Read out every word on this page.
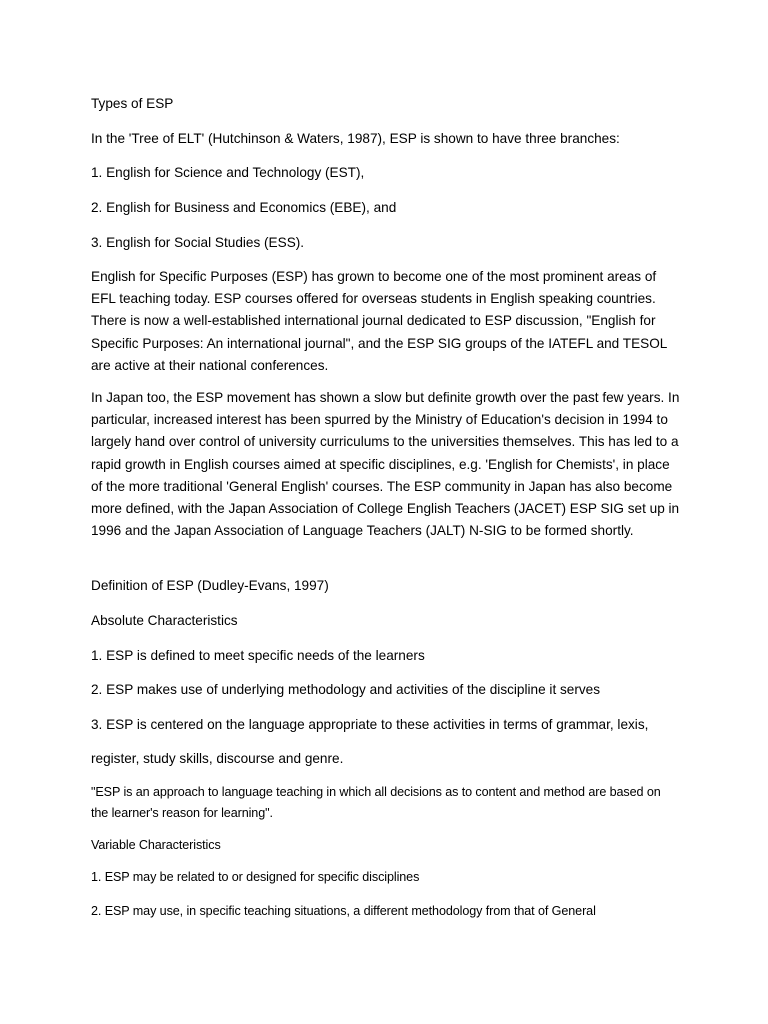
Types of ESP

In the 'Tree of ELT' (Hutchinson & Waters, 1987), ESP is shown to have three branches:

1. English for Science and Technology (EST),

2. English for Business and Economics (EBE), and

3. English for Social Studies (ESS).

English for Specific Purposes (ESP) has grown to become one of the most prominent areas of EFL teaching today. ESP courses offered for overseas students in English speaking countries. There is now a well-established international journal dedicated to ESP discussion, "English for Specific Purposes: An international journal", and the ESP SIG groups of the IATEFL and TESOL are active at their national conferences.

In Japan too, the ESP movement has shown a slow but definite growth over the past few years. In particular, increased interest has been spurred by the Ministry of Education's decision in 1994 to largely hand over control of university curriculums to the universities themselves. This has led to a rapid growth in English courses aimed at specific disciplines, e.g. 'English for Chemists', in place of the more traditional 'General English' courses. The ESP community in Japan has also become more defined, with the Japan Association of College English Teachers (JACET) ESP SIG set up in 1996 and the Japan Association of Language Teachers (JALT) N-SIG to be formed shortly.

Definition of ESP (Dudley-Evans, 1997)

Absolute Characteristics

1. ESP is defined to meet specific needs of the learners

2. ESP makes use of underlying methodology and activities of the discipline it serves

3. ESP is centered on the language appropriate to these activities in terms of grammar, lexis,

register, study skills, discourse and genre.

"ESP is an approach to language teaching in which all decisions as to content and method are based on the learner's reason for learning".

Variable Characteristics

1. ESP may be related to or designed for specific disciplines

2. ESP may use, in specific teaching situations, a different methodology from that of General
